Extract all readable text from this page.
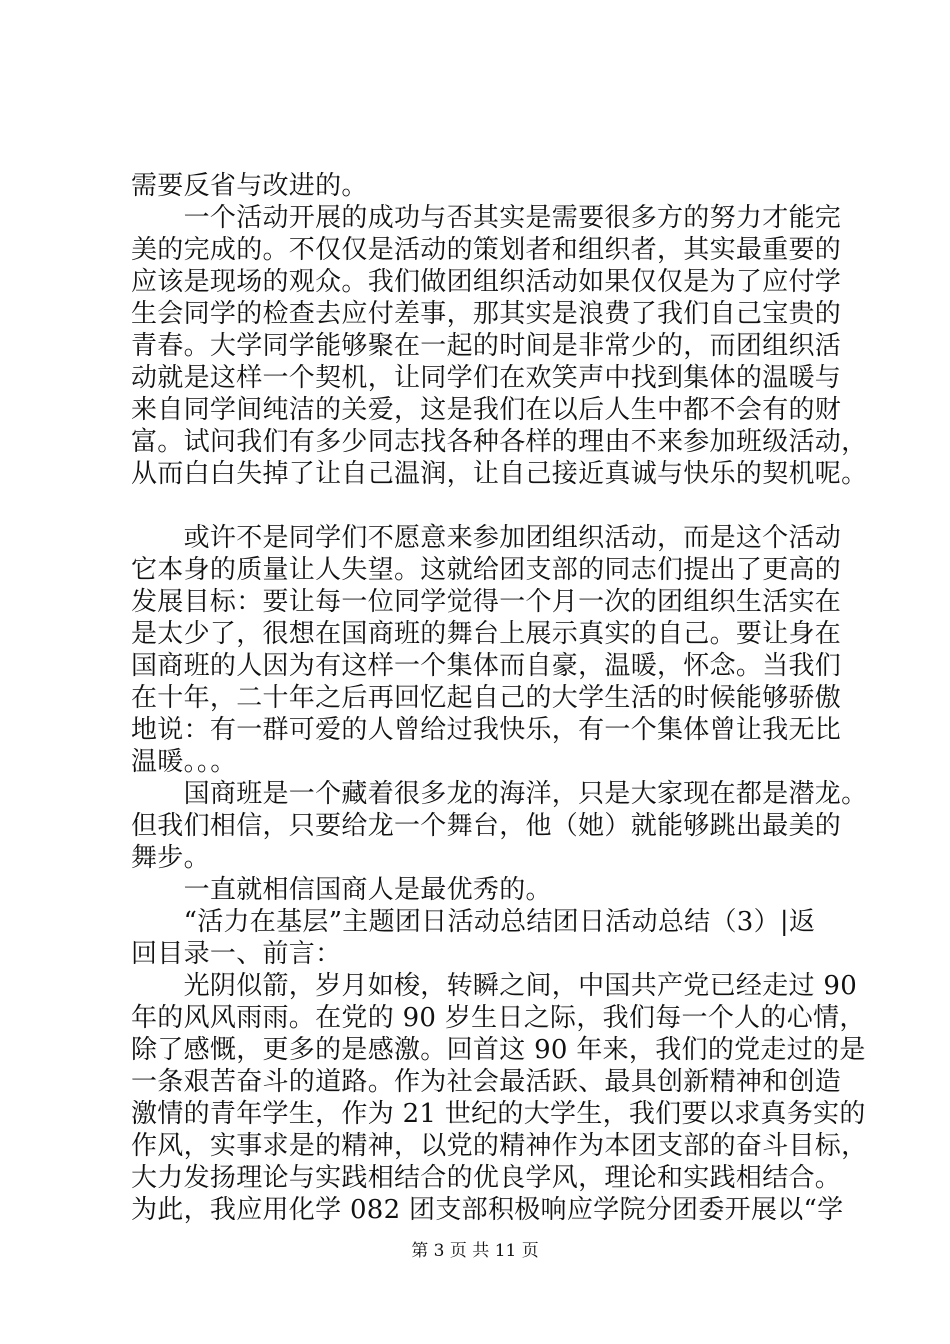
需要反省与改进的。
　　一个活动开展的成功与否其实是需要很多方的努力才能完
美的完成的。不仅仅是活动的策划者和组织者，其实最重要的
应该是现场的观众。我们做团组织活动如果仅仅是为了应付学
生会同学的检查去应付差事，那其实是浪费了我们自己宝贵的
青春。大学同学能够聚在一起的时间是非常少的，而团组织活
动就是这样一个契机，让同学们在欢笑声中找到集体的温暖与
来自同学间纯洁的关爱，这是我们在以后人生中都不会有的财
富。试问我们有多少同志找各种各样的理由不来参加班级活动，
从而白白失掉了让自己温润，让自己接近真诚与快乐的契机呢。
　　或许不是同学们不愿意来参加团组织活动，而是这个活动
它本身的质量让人失望。这就给团支部的同志们提出了更高的
发展目标：要让每一位同学觉得一个月一次的团组织生活实在
是太少了，很想在国商班的舞台上展示真实的自己。要让身在
国商班的人因为有这样一个集体而自豪，温暖，怀念。当我们
在十年，二十年之后再回忆起自己的大学生活的时候能够骄傲
地说：有一群可爱的人曾给过我快乐，有一个集体曾让我无比
温暖。。。
　　国商班是一个藏着很多龙的海洋，只是大家现在都是潜龙。
但我们相信，只要给龙一个舞台，他（她）就能够跳出最美的
舞步。
　　一直就相信国商人是最优秀的。
　　“活力在基层”主题团日活动总结团日活动总结（3）|返
回目录一、前言：
　　光阴似箭，岁月如梭，转瞬之间，中国共产党已经走过 90
年的风风雨雨。在党的 90 岁生日之际，我们每一个人的心情，
除了感慨，更多的是感激。回首这 90 年来，我们的党走过的是
一条艰苦奋斗的道路。作为社会最活跃、最具创新精神和创造
激情的青年学生，作为 21 世纪的大学生，我们要以求真务实的
作风，实事求是的精神，以党的精神作为本团支部的奋斗目标，
大力发扬理论与实践相结合的优良学风，理论和实践相结合。
为此，我应用化学 082 团支部积极响应学院分团委开展以“学
第 3 页 共 11 页
